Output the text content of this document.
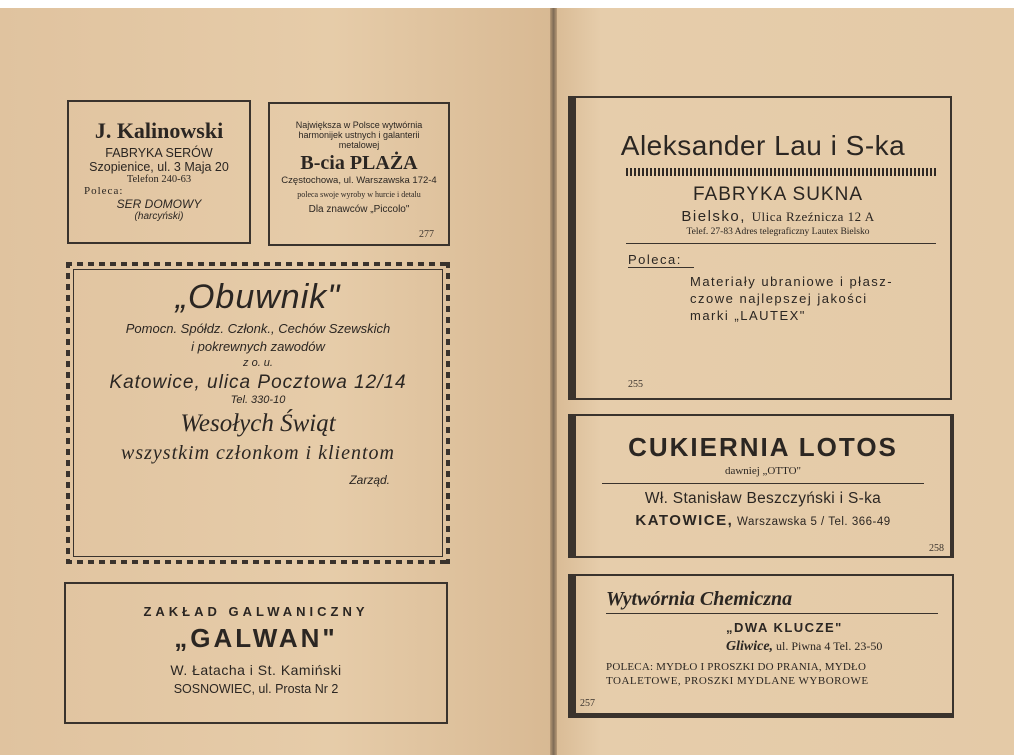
J. Kalinowski
FABRYKA SERÓW
Szopienice, ul. 3 Maja 20
Telefon 240-63
Poleca:
SER DOMOWY
(harcyński)
Największa w Polsce wytwórnia
harmonijek ustnych i galanterii
metalowej
B-cia PLAŻA
Częstochowa, ul. Warszawska 172-4
poleca swoje wyroby w hurcie i detalu
Dla znawców „Piccolo"
277
„Obuwnik"
Pomocn. Spółdz. Członk., Cechów Szewskich
i pokrewnych zawodów
z o. u.
Katowice, ulica Pocztowa 12/14
Tel. 330-10
Wesołych Świąt
wszystkim członkom i klientom
Zarząd.
ZAKŁAD GALWANICZNY
„GALWAN"
W. Łatacha i St. Kamiński
SOSNOWIEC, ul. Prosta Nr 2
Aleksander Lau i S-ka
FABRYKA SUKNA
Bielsko, Ulica Rzeźnicza 12 A
Telef. 27-83 Adres telegraficzny Lautex Bielsko
Poleca:
Materiały ubraniowe i płasz-
czowe najlepszej jakości
marki „LAUTEX"
255
CUKIERNIA LOTOS
dawniej „OTTO"
Wł. Stanisław Beszczyński i S-ka
KATOWICE, Warszawska 5 / Tel. 366-49
258
Wytwórnia Chemiczna
„DWA KLUCZE"
Gliwice, ul. Piwna 4 Tel. 23-50
POLECA: MYDŁO I PROSZKI DO PRANIA, MYDŁO
TOALETOWE, PROSZKI MYDLANE WYBOROWE
257
